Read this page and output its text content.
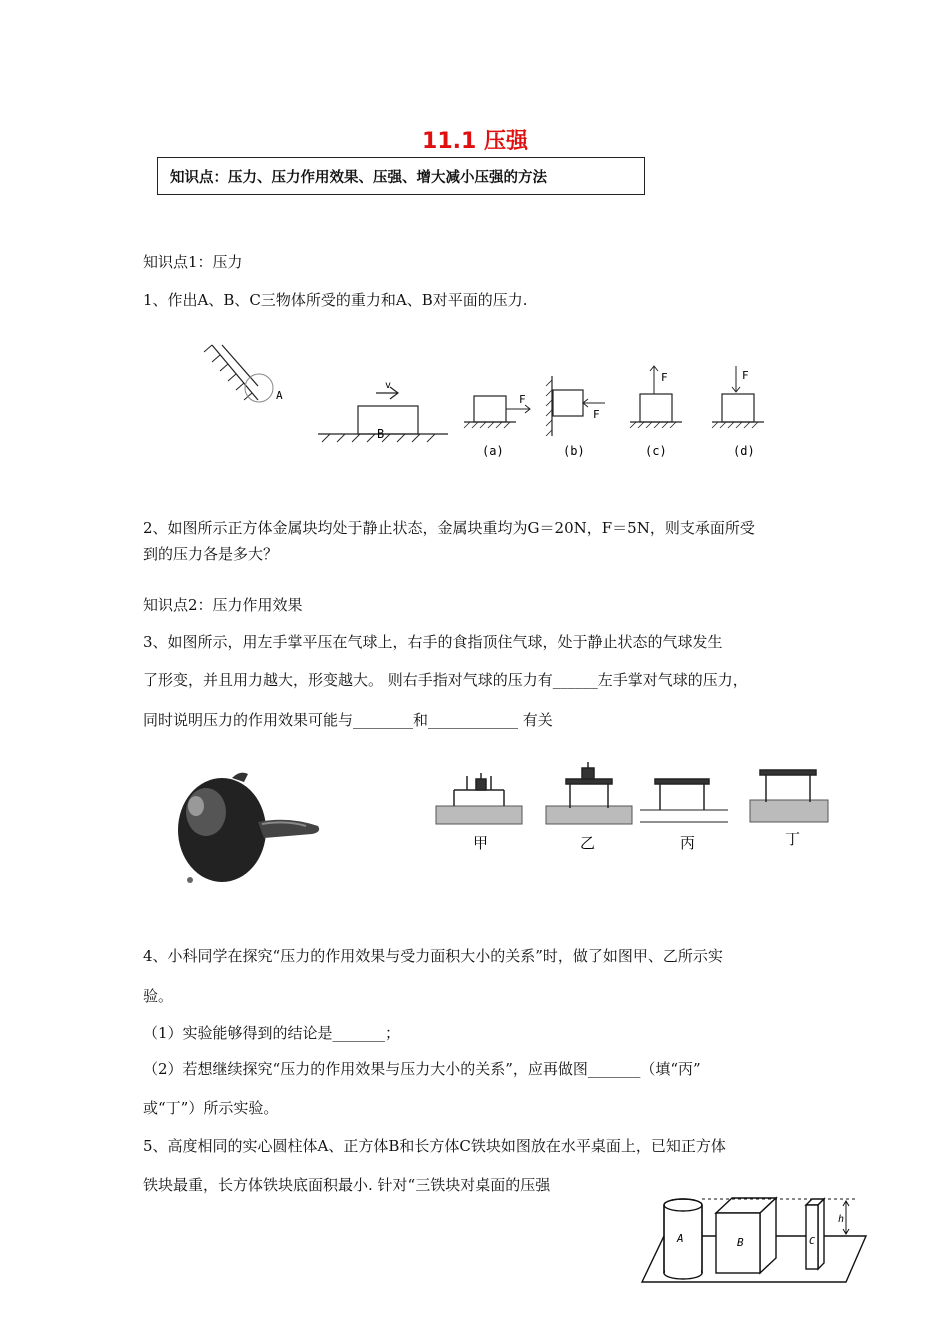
11.1 压强
知识点：压力、压力作用效果、压强、增大减小压强的方法
知识点1：压力
1、作出A、B、C三物体所受的重力和A、B对平面的压力.
A
v
B
F
(a)
F
(b)
F
(c)
F
(d)
2、如图所示正方体金属块均处于静止状态，金属块重均为G＝20N，F＝5N，则支承面所受
到的压力各是多大？
知识点2：压力作用效果
3、如图所示，用左手掌平压在气球上，右手的食指顶住气球，处于静止状态的气球发生
了形变，并且用力越大，形变越大。 则右手指对气球的压力有______左手掌对气球的压力，
同时说明压力的作用效果可能与________和____________ 有关
甲	乙	丙	丁
4、小科同学在探究“压力的作用效果与受力面积大小的关系”时，做了如图甲、乙所示实
验。
（1）实验能够得到的结论是_______；
（2）若想继续探究“压力的作用效果与压力大小的关系”，应再做图_______（填“丙”
或“丁”）所示实验。
5、高度相同的实心圆柱体A、正方体B和长方体C铁块如图放在水平桌面上，已知正方体
铁块最重，长方体铁块底面积最小. 针对“三铁块对桌面的压强
A	B	C
h
